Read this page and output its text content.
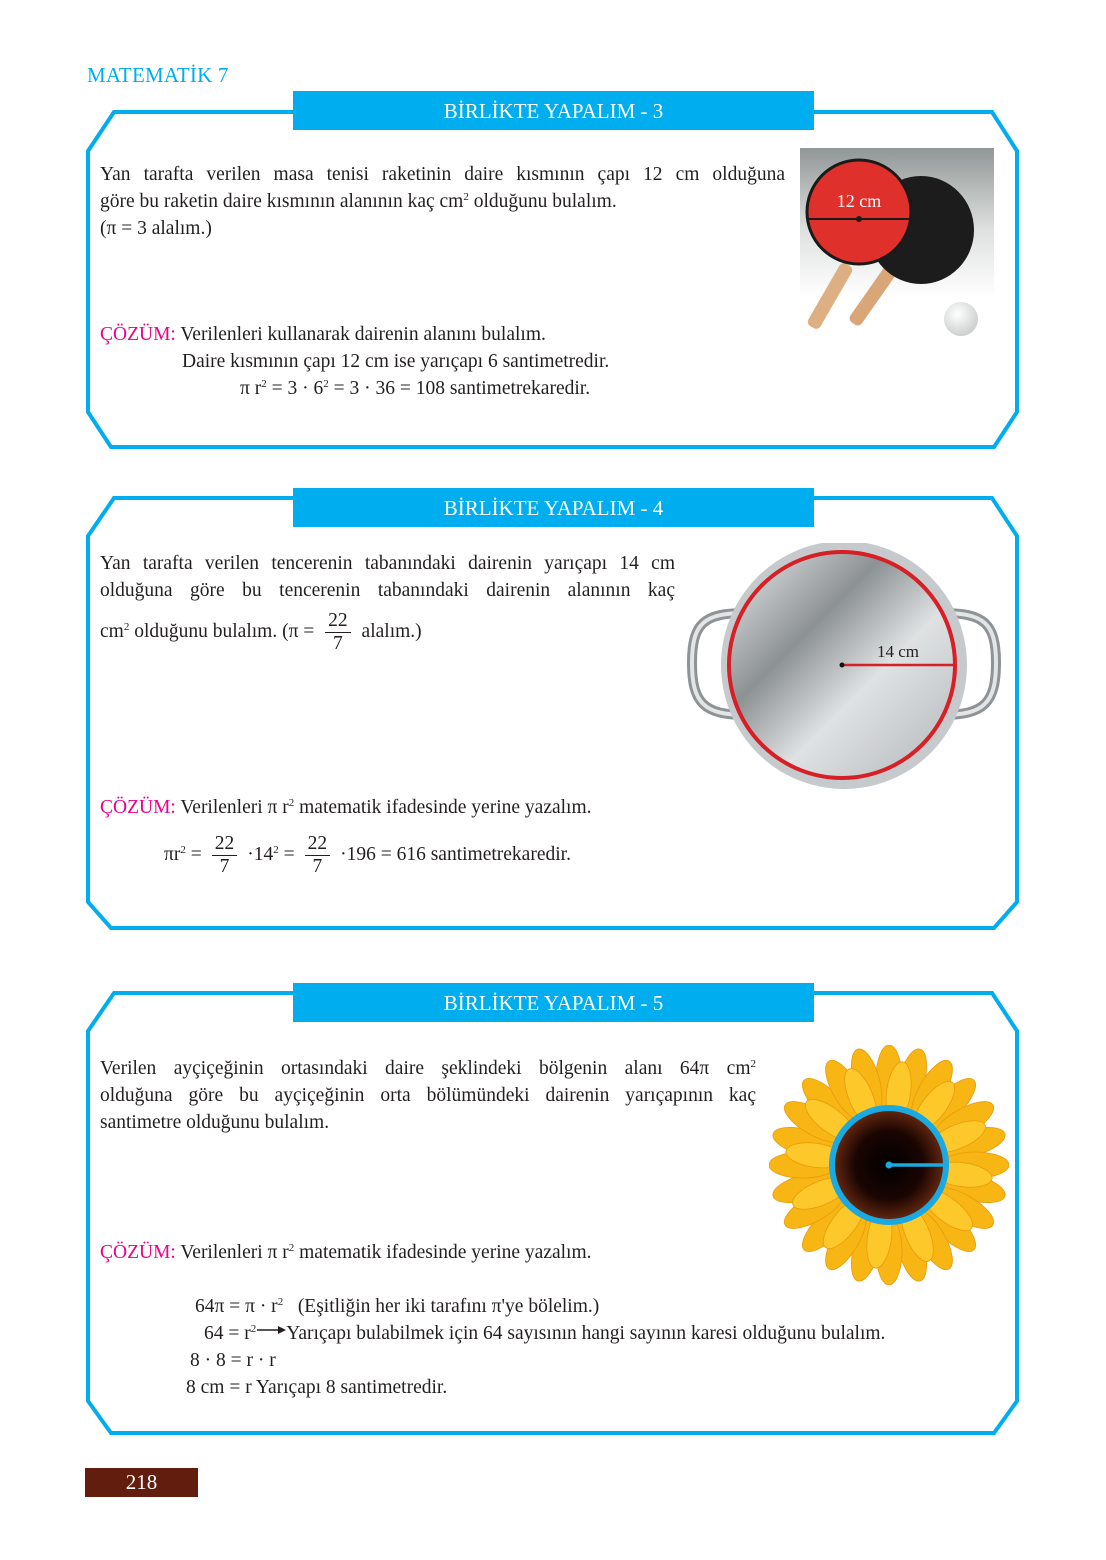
MATEMATİK 7
BİRLİKTE YAPALIM - 3
Yan tarafta verilen masa tenisi raketinin daire kısmının çapı 12 cm olduğuna
göre bu raketin daire kısmının alanının kaç $cm^2$ olduğunu bulalım.
(π = 3 alalım.)
ÇÖZÜM: Verilenleri kullanarak dairenin alanını bulalım.
Daire kısmının çapı 12 cm ise yarıçapı 6 santimetredir.
π $r^2 = 3 \cdot 6^2 = 3 \cdot 36 = 108$ santimetrekaredir.
12 cm
BİRLİKTE YAPALIM - 4
Yan tarafta verilen tencerenin tabanındaki dairenin yarıçapı 14 cm
olduğuna göre bu tencerenin tabanındaki dairenin alanının kaç
$cm^2$ olduğunu bulalım. ($\pi = \frac{22}{7}$ alalım.)
ÇÖZÜM: Verilenleri π $r^2$ matematik ifadesinde yerine yazalım.
$\pi r^2 = \frac{22}{7} \cdot 14^2 = \frac{22}{7} \cdot 196 = 616$ santimetrekaredir.
14 cm
BİRLİKTE YAPALIM - 5
Verilen ayçiçeğinin ortasındaki daire şeklindeki bölgenin alanı 64π $cm^2$
olduğuna göre bu ayçiçeğinin orta bölümündeki dairenin yarıçapının kaç
santimetre olduğunu bulalım.
ÇÖZÜM: Verilenleri π $r^2$ matematik ifadesinde yerine yazalım.
$64\pi = \pi \cdot r^2$   (Eşitliğin her iki tarafını π'ye bölelim.)
$64 = r^2$ Yarıçapı bulabilmek için 64 sayısının hangi sayının karesi olduğunu bulalım.
8 · 8 = r · r
8 cm = r Yarıçapı 8 santimetredir.
218
